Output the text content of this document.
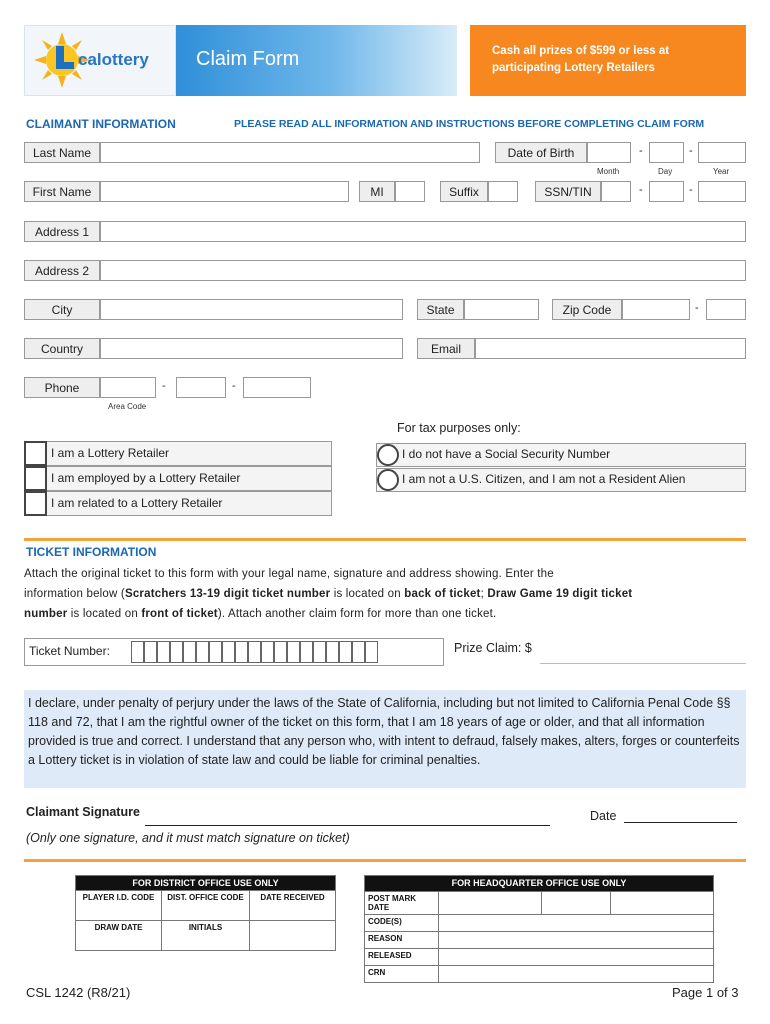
calottery Claim Form	Cash all prizes of $599 or less at participating Lottery Retailers
CLAIMANT INFORMATION	PLEASE READ ALL INFORMATION AND INSTRUCTIONS BEFORE COMPLETING CLAIM FORM
Last Name	Date of Birth	-	-
Month	Day	Year
First Name	MI	Suffix	SSN/TIN	-	-
Address 1
Address 2
City	State	Zip Code	-
Country	Email
Phone	-	-
Area Code
For tax purposes only:
I am a Lottery Retailer
I am employed by a Lottery Retailer
I am related to a Lottery Retailer
I do not have a Social Security Number
I am not a U.S. Citizen, and I am not a Resident Alien
TICKET INFORMATION
Attach the original ticket to this form with your legal name, signature and address showing. Enter the
information below (Scratchers 13-19 digit ticket number is located on back of ticket; Draw Game 19 digit ticket
number is located on front of ticket). Attach another claim form for more than one ticket.
Ticket Number:	Prize Claim: $
I declare, under penalty of perjury under the laws of the State of California, including but not limited to California Penal Code §§ 118 and 72, that I am the rightful owner of the ticket on this form, that I am 18 years of age or older, and that all information provided is true and correct. I understand that any person who, with intent to defraud, falsely makes, alters, forges or counterfeits a Lottery ticket is in violation of state law and could be liable for criminal penalties.
Claimant Signature	Date
(Only one signature, and it must match signature on ticket)
FOR DISTRICT OFFICE USE ONLY		
PLAYER I.D. CODE	DIST. OFFICE CODE	DATE RECEIVED
DRAW DATE	INITIALS	
FOR HEADQUARTER OFFICE USE ONLY			
POST MARK DATE			
CODE(S)			
REASON			
RELEASED			
CRN			
CSL 1242 (R8/21)	Page 1 of 3
